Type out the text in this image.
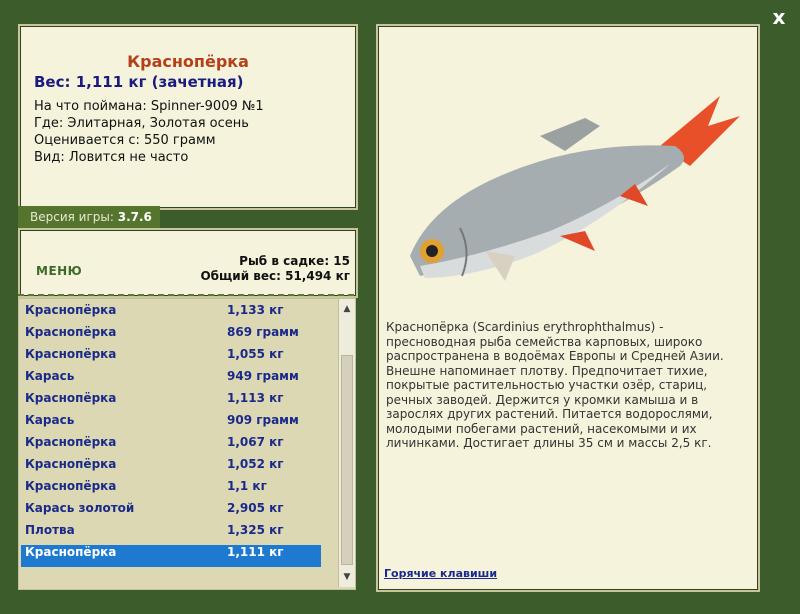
x
Краснопёрка
Вес: 1,111 кг (зачетная)
На что поймана: Spinner-9009 №1
Где: Элитарная, Золотая осень
Оценивается с: 550 грамм
Вид: Ловится не часто
Версия игры: 3.7.6
МЕНЮ
Рыб в садке: 15
Общий вес: 51,494 кг
Краснопёрка	1,133 кг
Краснопёрка	869 грамм
Краснопёрка	1,055 кг
Карась	949 грамм
Краснопёрка	1,113 кг
Карась	909 грамм
Краснопёрка	1,067 кг
Краснопёрка	1,052 кг
Краснопёрка	1,1 кг
Карась золотой	2,905 кг
Плотва	1,325 кг
Краснопёрка	1,111 кг
▲
▼
Краснопёрка (Scardinius erythrophthalmus) - пресноводная рыба семейства карповых, широко распространена в водоёмах Европы и Средней Азии. Внешне напоминает плотву. Предпочитает тихие, покрытые растительностью участки озёр, стариц, речных заводей. Держится у кромки камыша и в зарослях других растений. Питается водорослями, молодыми побегами растений, насекомыми и их личинками. Достигает длины 35 см и массы 2,5 кг.
Горячие клавиши
